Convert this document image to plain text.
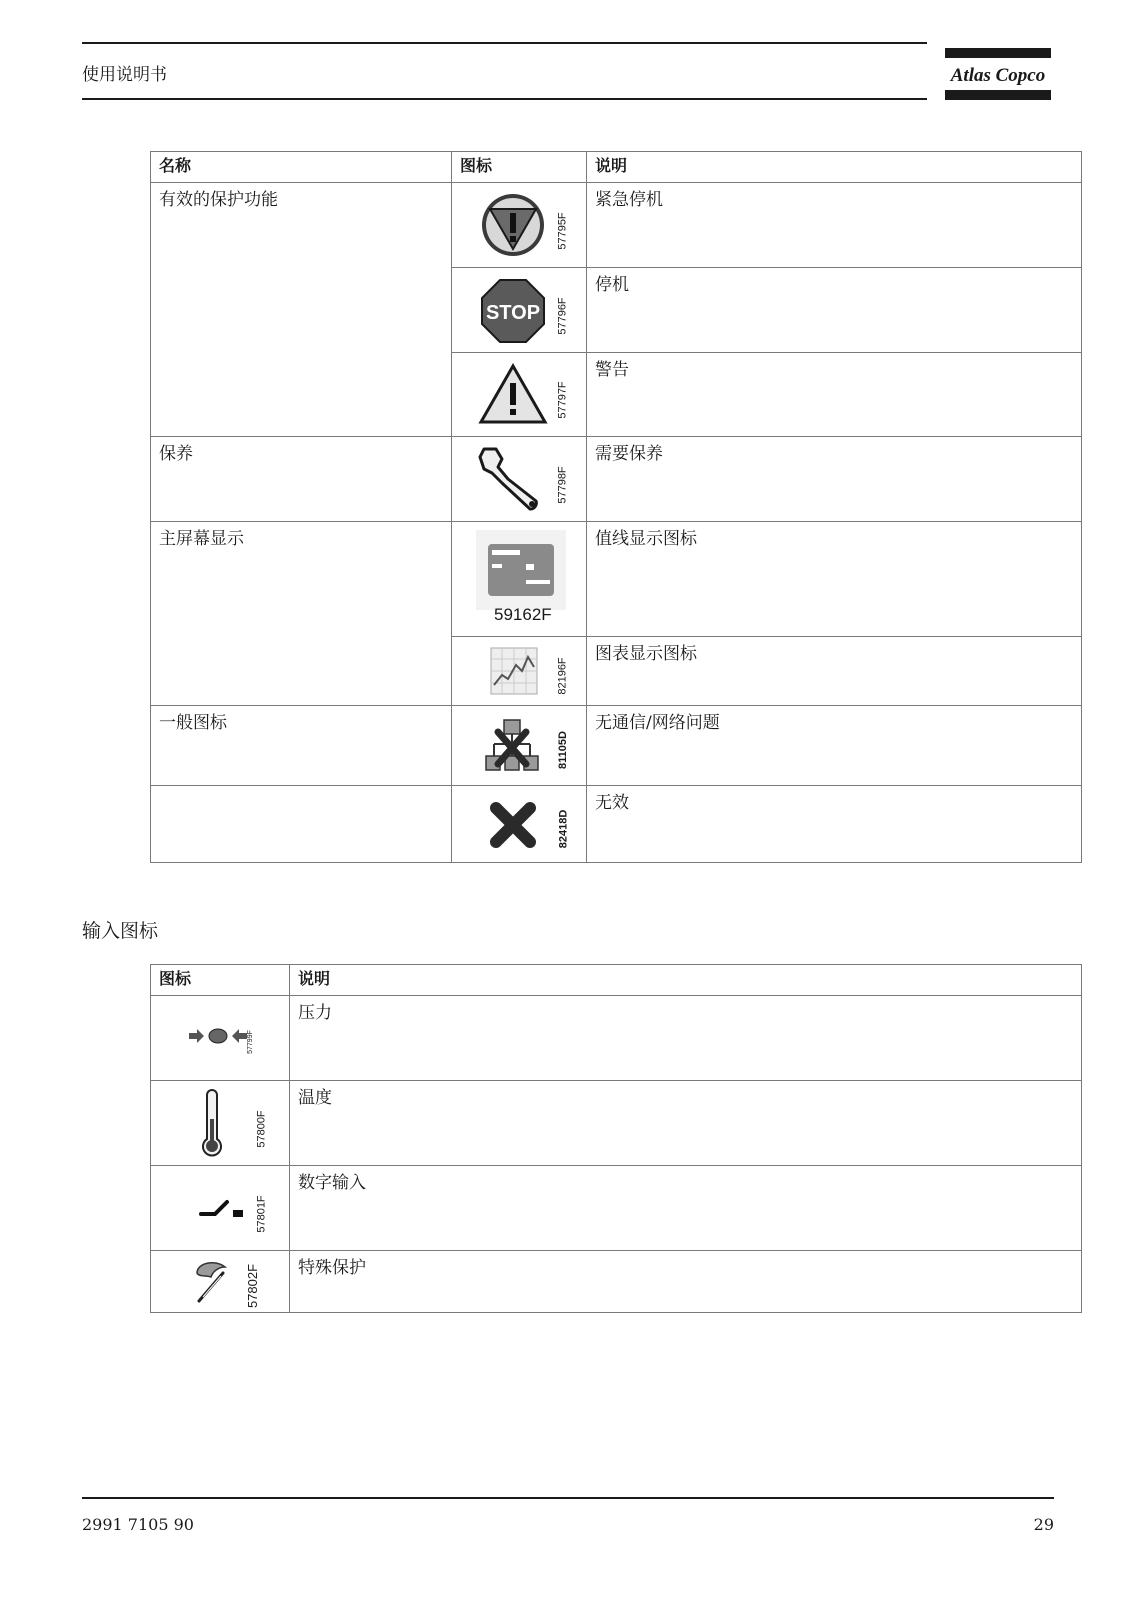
使用说明书	Atlas Copco
名称	图标	说明
有效的保护功能	57795F	紧急停机

STOP 57796F	停机

	57797F	警告
保养	57798F	需要保养
主屏幕显示	59162F	值线显示图标

	82196F	图表显示图标
一般图标	81105D	无通信/网络问题

	82418D	无效
输入图标
图标	说明

57799F	压力

57800F	温度

57801F	数字输入

57802F	特殊保护
2991 7105 90	29
